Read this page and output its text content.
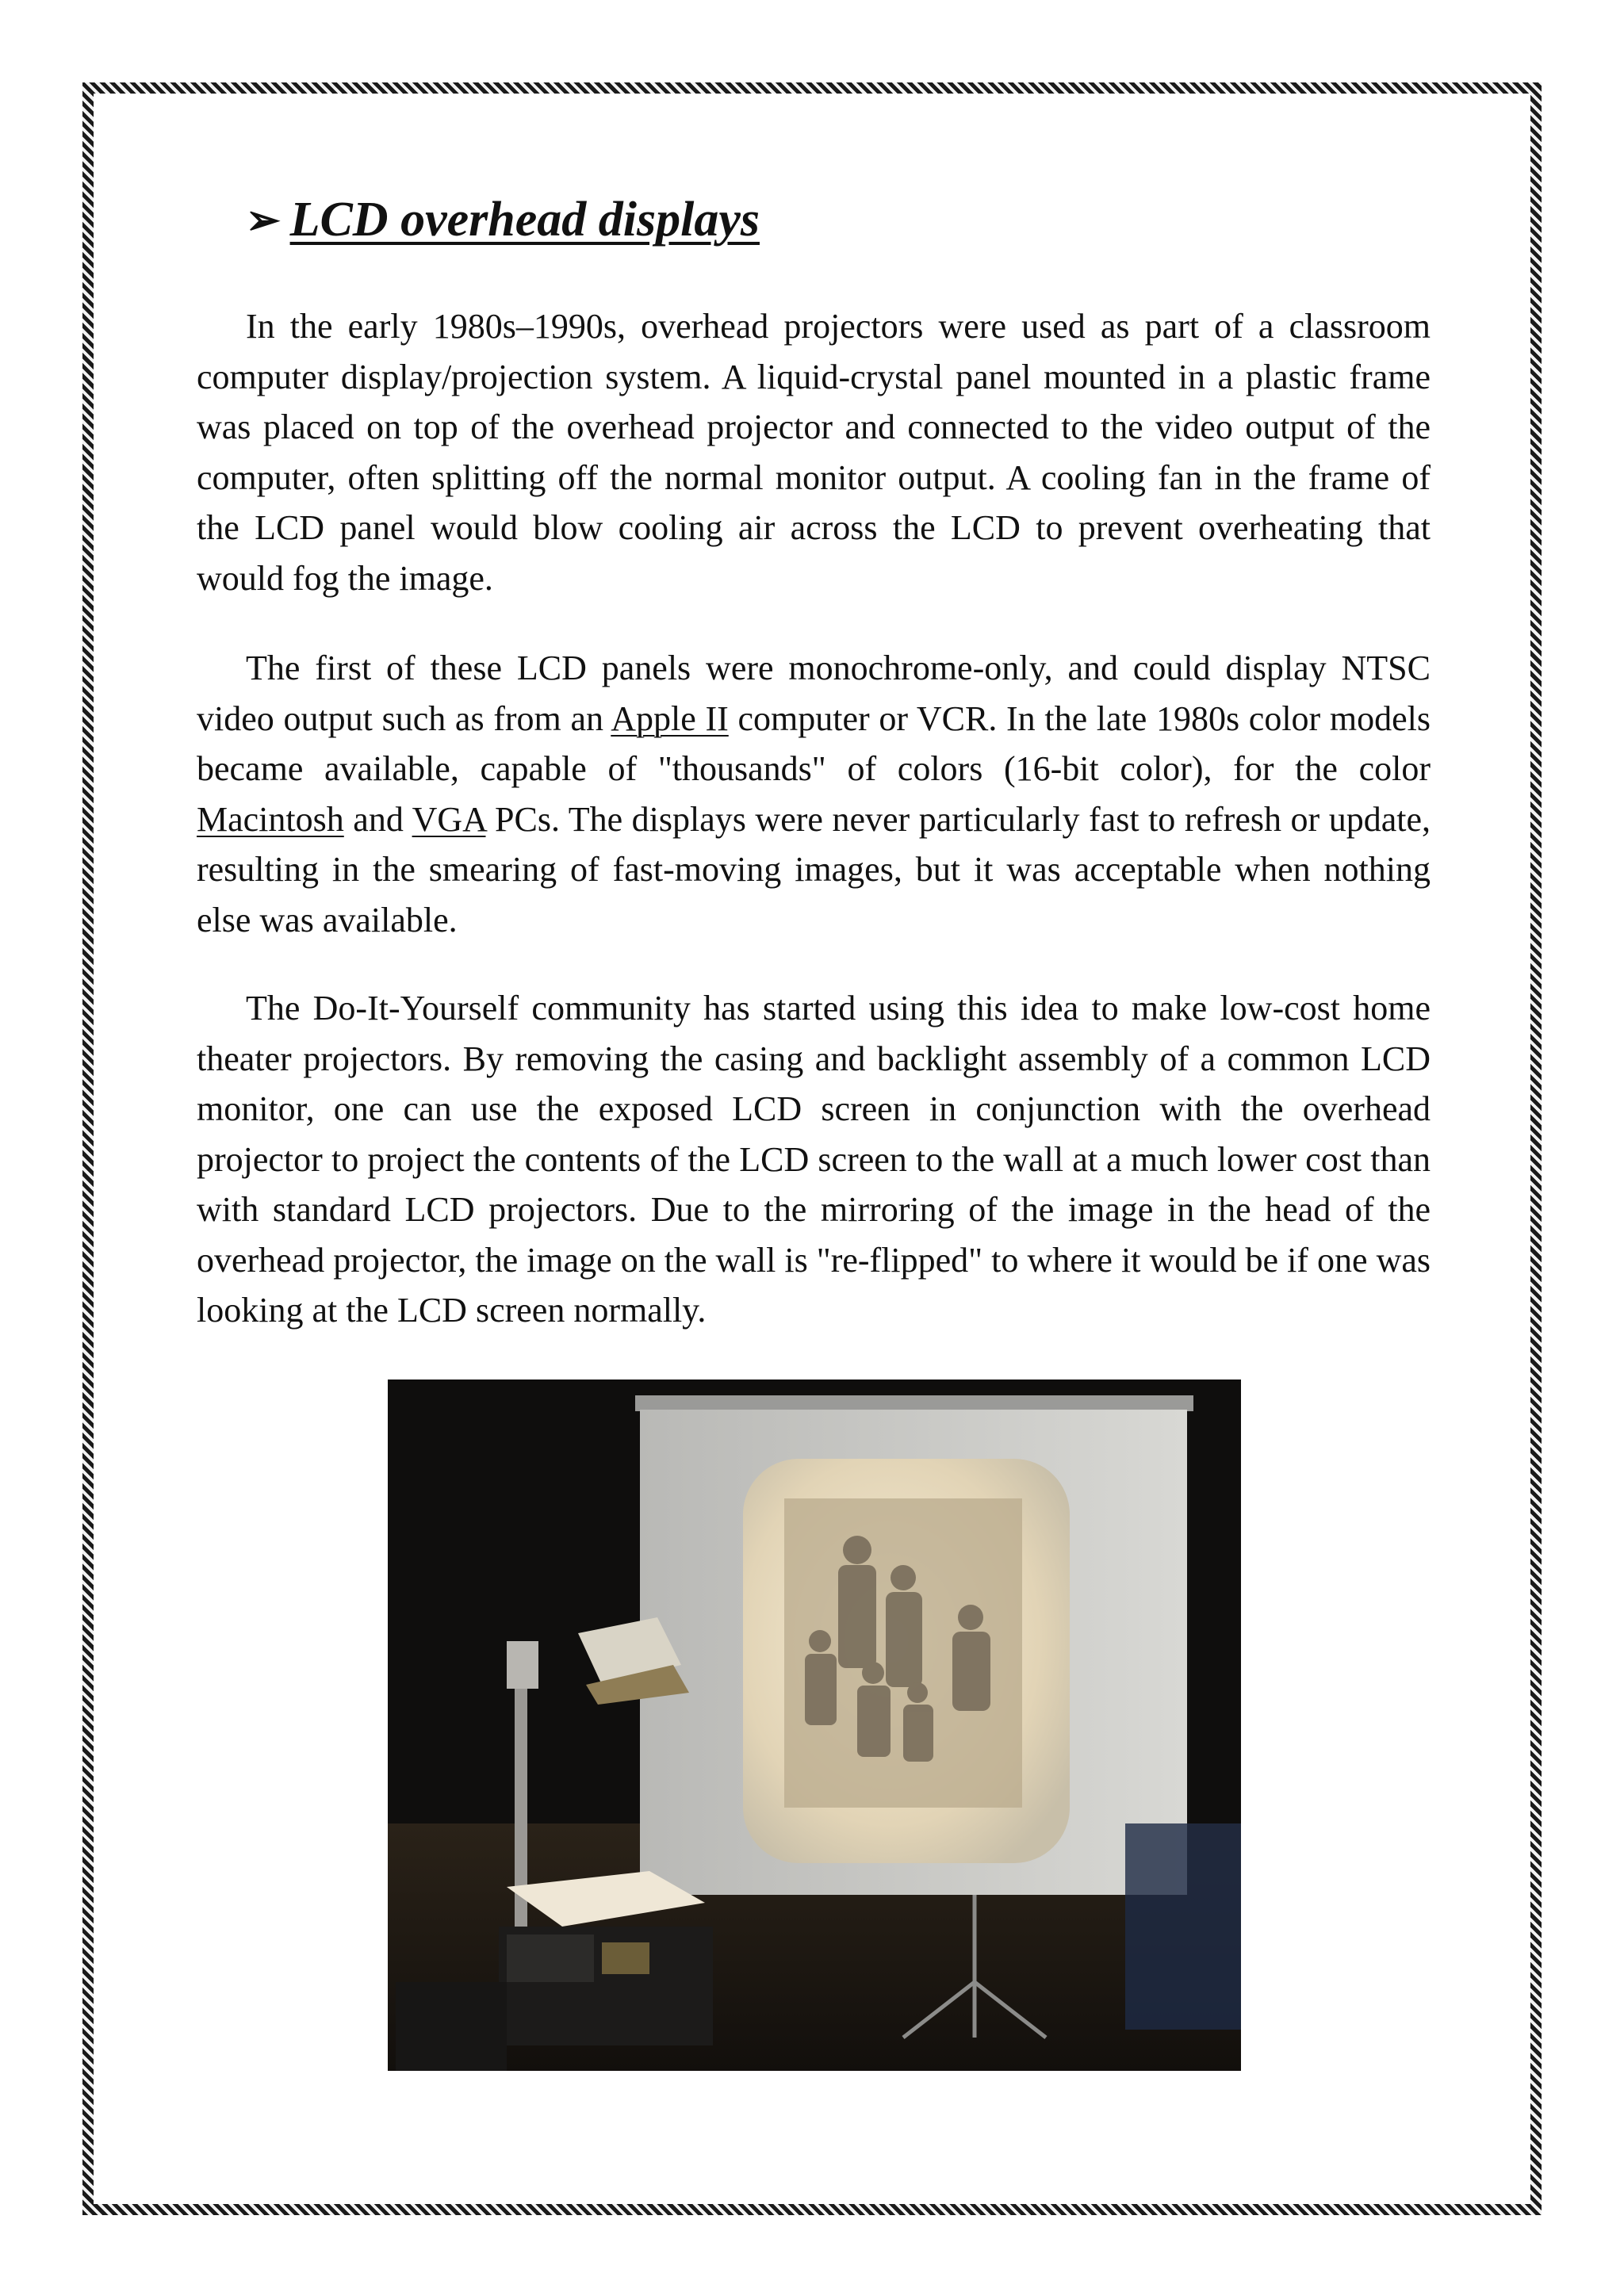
➢ LCD overhead displays

In the early 1980s–1990s, overhead projectors were used as part of a classroom computer display/projection system. A liquid-crystal panel mounted in a plastic frame was placed on top of the overhead projector and connected to the video output of the computer, often splitting off the normal monitor output. A cooling fan in the frame of the LCD panel would blow cooling air across the LCD to prevent overheating that would fog the image.

The first of these LCD panels were monochrome-only, and could display NTSC video output such as from an Apple II computer or VCR. In the late 1980s color models became available, capable of "thousands" of colors (16-bit color), for the color Macintosh and VGA PCs. The displays were never particularly fast to refresh or update, resulting in the smearing of fast-moving images, but it was acceptable when nothing else was available.

The Do-It-Yourself community has started using this idea to make low-cost home theater projectors. By removing the casing and backlight assembly of a common LCD monitor, one can use the exposed LCD screen in conjunction with the overhead projector to project the contents of the LCD screen to the wall at a much lower cost than with standard LCD projectors. Due to the mirroring of the image in the head of the overhead projector, the image on the wall is "re-flipped" to where it would be if one was looking at the LCD screen normally.
